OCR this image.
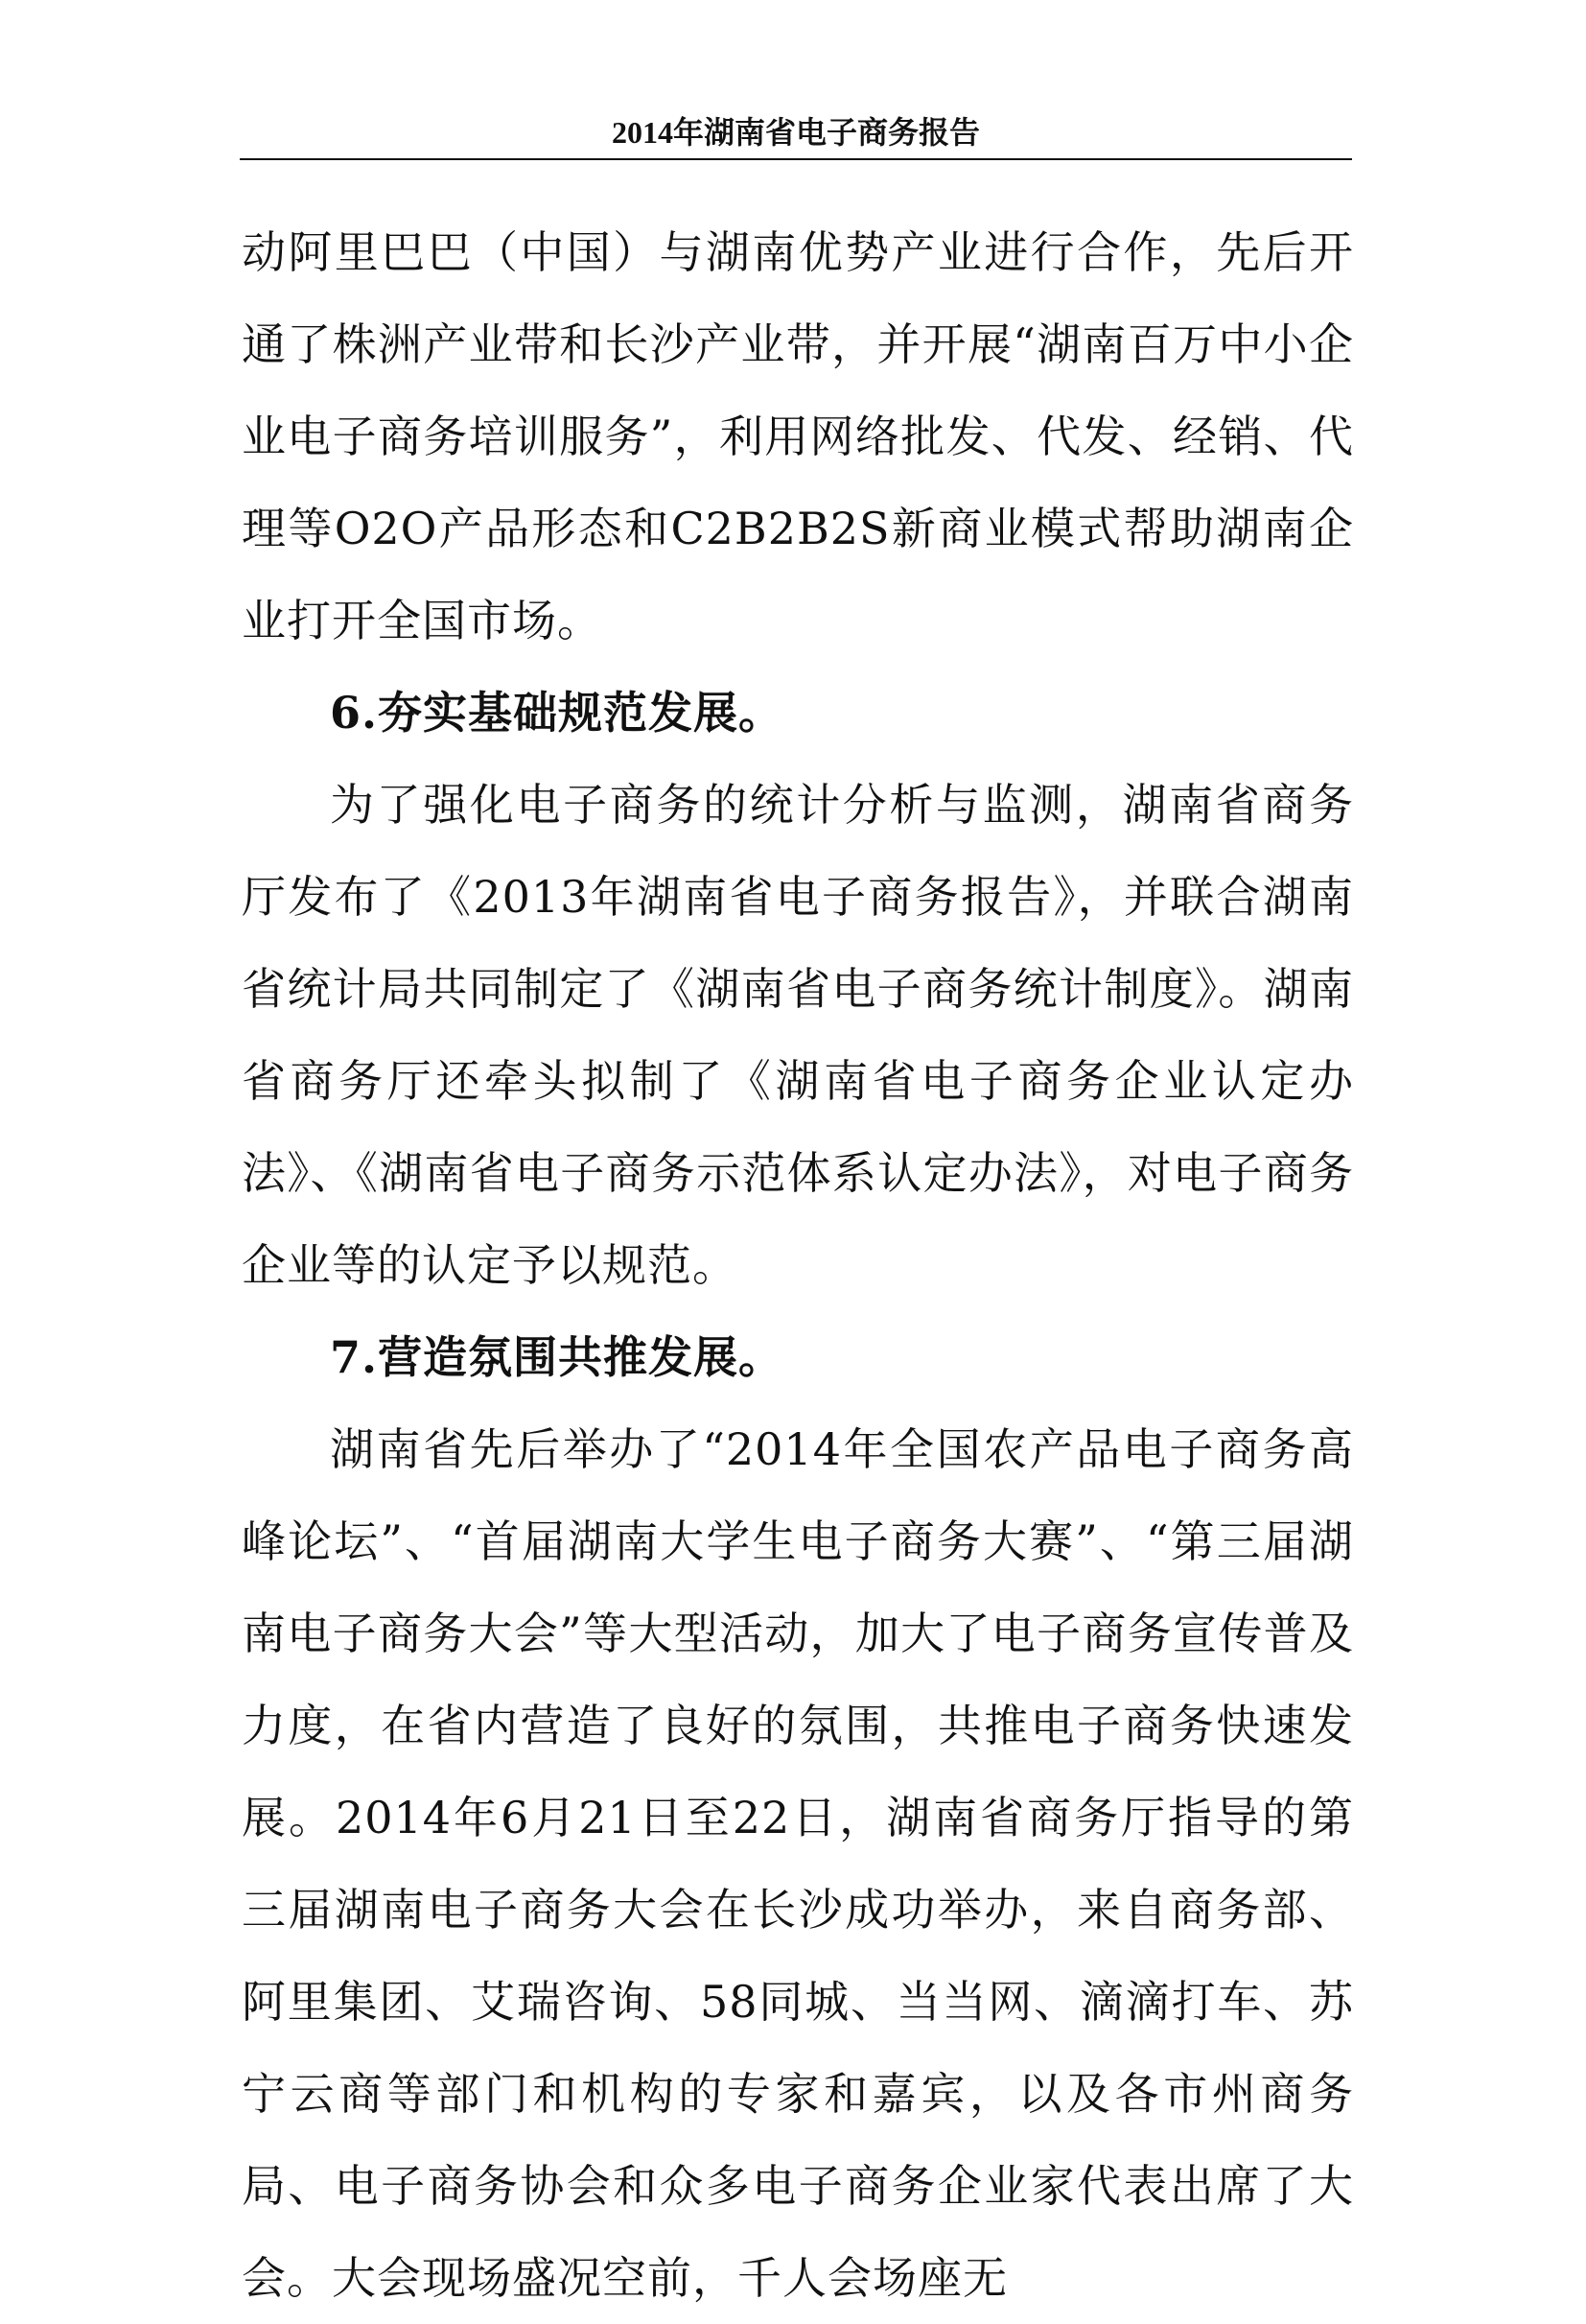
2014年湖南省电子商务报告

动阿里巴巴（中国）与湖南优势产业进行合作，先后开通了株洲产业带和长沙产业带，并开展“湖南百万中小企业电子商务培训服务”，利用网络批发、代发、经销、代理等O2O产品形态和C2B2B2S新商业模式帮助湖南企业打开全国市场。

6.夯实基础规范发展。

为了强化电子商务的统计分析与监测，湖南省商务厅发布了《2013年湖南省电子商务报告》，并联合湖南省统计局共同制定了《湖南省电子商务统计制度》。湖南省商务厅还牵头拟制了《湖南省电子商务企业认定办法》、《湖南省电子商务示范体系认定办法》，对电子商务企业等的认定予以规范。

7.营造氛围共推发展。

湖南省先后举办了“2014年全国农产品电子商务高峰论坛”、“首届湖南大学生电子商务大赛”、“第三届湖南电子商务大会”等大型活动，加大了电子商务宣传普及力度，在省内营造了良好的氛围，共推电子商务快速发展。2014年6月21日至22日，湖南省商务厅指导的第三届湖南电子商务大会在长沙成功举办，来自商务部、阿里集团、艾瑞咨询、58同城、当当网、滴滴打车、苏宁云商等部门和机构的专家和嘉宾，以及各市州商务局、电子商务协会和众多电子商务企业家代表出席了大会。大会现场盛况空前，千人会场座无
